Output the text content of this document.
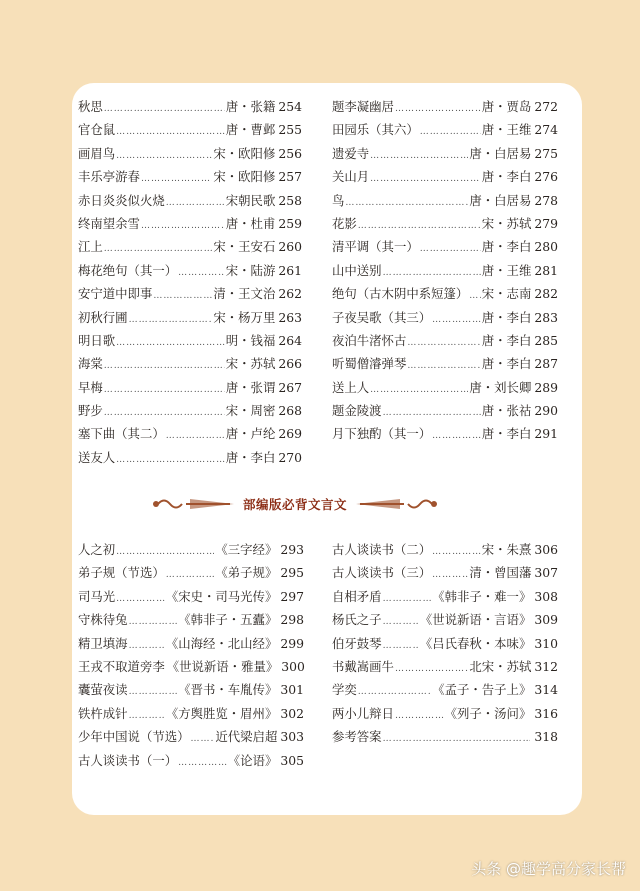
秋思 ……………………………………………………………………………………………………	唐・张籍 254
官仓鼠 ……………………………………………………………………………………………………	唐・曹邺 255
画眉鸟 ……………………………………………………………………………………………………	宋・欧阳修 256
丰乐亭游春 ……………………………………………………………………………………………………	宋・欧阳修 257
赤日炎炎似火烧 ……………………………………………………………………………………………………	宋朝民歌 258
终南望余雪 ……………………………………………………………………………………………………	唐・杜甫 259
江上 ……………………………………………………………………………………………………	宋・王安石 260
梅花绝句（其一） ……………………………………………………………………………………………………	宋・陆游 261
安宁道中即事 ……………………………………………………………………………………………………	清・王文治 262
初秋行圃 ……………………………………………………………………………………………………	宋・杨万里 263
明日歌 ……………………………………………………………………………………………………	明・钱福 264
海棠 ……………………………………………………………………………………………………	宋・苏轼 266
早梅 ……………………………………………………………………………………………………	唐・张谓 267
野步 ……………………………………………………………………………………………………	宋・周密 268
塞下曲（其二） ……………………………………………………………………………………………………	唐・卢纶 269
送友人 ……………………………………………………………………………………………………	唐・李白 270
题李凝幽居 ……………………………………………………………………………………………………	唐・贾岛 272
田园乐（其六） ……………………………………………………………………………………………………	唐・王维 274
遗爱寺 ……………………………………………………………………………………………………	唐・白居易 275
关山月 ……………………………………………………………………………………………………	唐・李白 276
鸟 ……………………………………………………………………………………………………	唐・白居易 278
花影 ……………………………………………………………………………………………………	宋・苏轼 279
清平调（其一） ……………………………………………………………………………………………………	唐・李白 280
山中送别 ……………………………………………………………………………………………………	唐・王维 281
绝句（古木阴中系短篷） …………………………………………………………………………………………………… 宋・志南 282
子夜吴歌（其三） ……………………………………………………………………………………………………	唐・李白 283
夜泊牛渚怀古 ……………………………………………………………………………………………………	唐・李白 285
听蜀僧濬弹琴 ……………………………………………………………………………………………………	唐・李白 287
送上人 ……………………………………………………………………………………………………	唐・刘长卿 289
题金陵渡 ……………………………………………………………………………………………………	唐・张祜 290
月下独酌（其一） ……………………………………………………………………………………………………	唐・李白 291
人之初 ……………………………………………………………………………………………………	《三字经》 293
弟子规（节选） ……………………………………………………………………………………………………	《弟子规》 295
司马光 ……………………………………………………………………………………………………	《宋史・司马光传》 297
守株待兔 ……………………………………………………………………………………………………	《韩非子・五蠹》 298
精卫填海 ……………………………………………………………………………………………………	《山海经・北山经》 299
王戎不取道旁李 《世说新语・雅量》 300
囊萤夜读 ……………………………………………………………………………………………………	《晋书・车胤传》 301
铁杵成针 ……………………………………………………………………………………………………	《方舆胜览・眉州》 302
少年中国说（节选） …………………………………………………………………………………………………… 近代梁启超 303
古人谈读书（一） ……………………………………………………………………………………………………	《论语》 305
古人谈读书（二） ……………………………………………………………………………………………………	宋・朱熹 306
古人谈读书（三） ……………………………………………………………………………………………………	清・曾国藩 307
自相矛盾 ……………………………………………………………………………………………………	《韩非子・难一》 308
杨氏之子 ……………………………………………………………………………………………………	《世说新语・言语》 309
伯牙鼓琴 ……………………………………………………………………………………………………	《吕氏春秋・本味》 310
书戴嵩画牛 ……………………………………………………………………………………………………	北宋・苏轼 312
学奕 ……………………………………………………………………………………………………	《孟子・告子上》 314
两小儿辩日 ……………………………………………………………………………………………………	《列子・汤问》 316
参考答案 ……………………………………………………………………………………………………	318
部编版必背文言文
头条 @趣学高分家长帮
